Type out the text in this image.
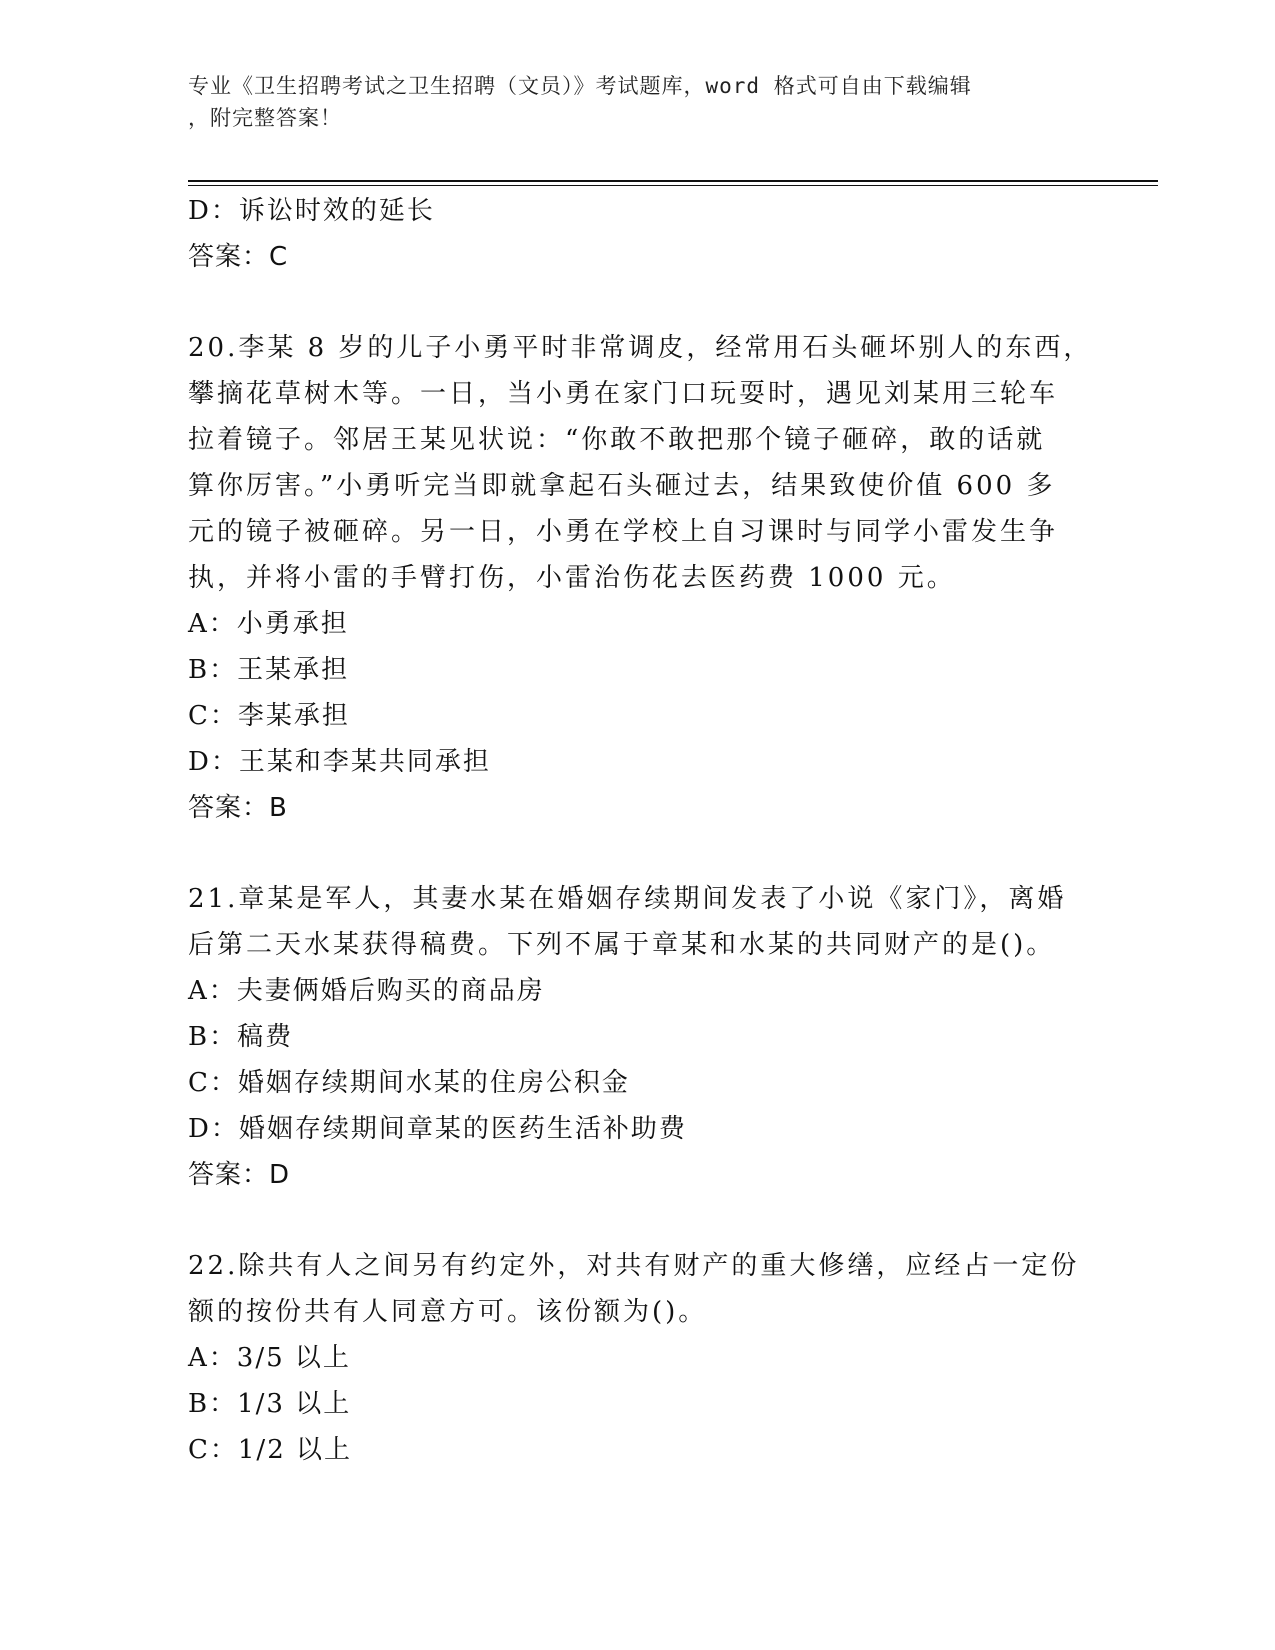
专业《卫生招聘考试之卫生招聘（文员）》考试题库，word 格式可自由下载编辑
，附完整答案！
D：诉讼时效的延长
答案：C
20.李某 8 岁的儿子小勇平时非常调皮，经常用石头砸坏别人的东西，
攀摘花草树木等。一日，当小勇在家门口玩耍时，遇见刘某用三轮车
拉着镜子。邻居王某见状说：“你敢不敢把那个镜子砸碎，敢的话就
算你厉害。”小勇听完当即就拿起石头砸过去，结果致使价值 600 多
元的镜子被砸碎。另一日，小勇在学校上自习课时与同学小雷发生争
执，并将小雷的手臂打伤，小雷治伤花去医药费 1000 元。
A：小勇承担
B：王某承担
C：李某承担
D：王某和李某共同承担
答案：B
21.章某是军人，其妻水某在婚姻存续期间发表了小说《家门》，离婚
后第二天水某获得稿费。下列不属于章某和水某的共同财产的是()。
A：夫妻俩婚后购买的商品房
B：稿费
C：婚姻存续期间水某的住房公积金
D：婚姻存续期间章某的医药生活补助费
答案：D
22.除共有人之间另有约定外，对共有财产的重大修缮，应经占一定份
额的按份共有人同意方可。该份额为()。
A：3/5 以上
B：1/3 以上
C：1/2 以上
